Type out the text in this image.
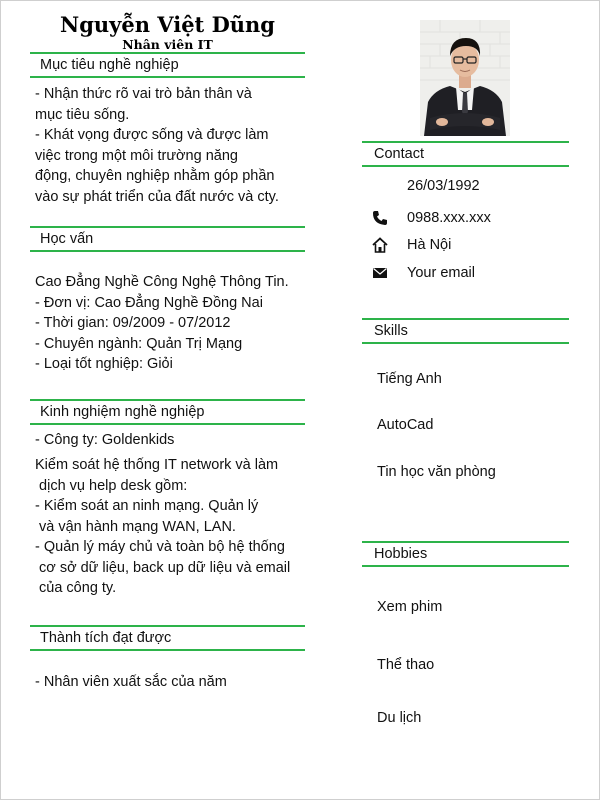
Nguyễn Việt Dũng
Nhân viên IT
Mục tiêu nghề nghiệp

- Nhận thức rõ vai trò bản thân và

mục tiêu sống.

- Khát vọng được sống và được làm

việc trong một môi trường năng

động, chuyên nghiệp nhằm góp phần

vào sự phát triển của đất nước và cty.

Học vấn

Cao Đẳng Nghề Công Nghệ Thông Tin.

- Đơn vị: Cao Đẳng Nghề Đồng Nai

- Thời gian: 09/2009 - 07/2012

- Chuyên ngành: Quản Trị Mạng

- Loại tốt nghiệp: Giỏi

Kinh nghiệm nghề nghiệp
- Công ty: Goldenkids

Kiểm soát hệ thống IT network và làm

dịch vụ help desk gồm:

- Kiểm soát an ninh mạng. Quản lý

và vận hành mạng WAN, LAN.

- Quản lý máy chủ và toàn bộ hệ thống

cơ sở dữ liệu, back up dữ liệu và email

của công ty.

Thành tích đạt được

- Nhân viên xuất sắc của năm

Contact
26/03/1992
0988.xxx.xxx
Hà Nội
Your email
Skills
Tiếng Anh
AutoCad
Tin học văn phòng
Hobbies
Xem phim
Thể thao
Du lịch
